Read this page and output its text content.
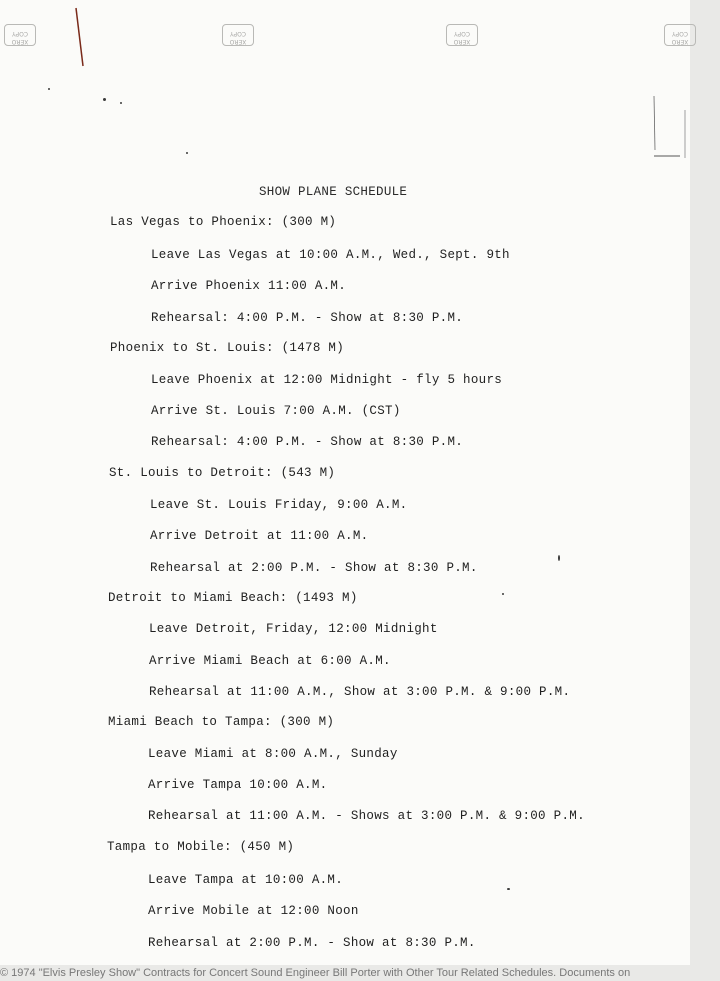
XERO COPY
XERO COPY
XERO COPY
XERO COPY
SHOW PLANE SCHEDULE
Las Vegas to Phoenix: (300 M)
Leave Las Vegas at 10:00 A.M., Wed., Sept. 9th
Arrive Phoenix 11:00 A.M.
Rehearsal: 4:00 P.M. - Show at 8:30 P.M.
Phoenix to St. Louis: (1478 M)
Leave Phoenix at 12:00 Midnight - fly 5 hours
Arrive St. Louis 7:00 A.M. (CST)
Rehearsal: 4:00 P.M. - Show at 8:30 P.M.
St. Louis to Detroit: (543 M)
Leave St. Louis Friday, 9:00 A.M.
Arrive Detroit at 11:00 A.M.
Rehearsal at 2:00 P.M. - Show at 8:30 P.M.
Detroit to Miami Beach: (1493 M)
Leave Detroit, Friday, 12:00 Midnight
Arrive Miami Beach at 6:00 A.M.
Rehearsal at 11:00 A.M., Show at 3:00 P.M. & 9:00 P.M.
Miami Beach to Tampa: (300 M)
Leave Miami at 8:00 A.M., Sunday
Arrive Tampa 10:00 A.M.
Rehearsal at 11:00 A.M. - Shows at 3:00 P.M. & 9:00 P.M.
Tampa to Mobile: (450 M)
Leave Tampa at 10:00 A.M.
Arrive Mobile at 12:00 Noon
Rehearsal at 2:00 P.M. - Show at 8:30 P.M.
© 1974 "Elvis Presley Show" Contracts for Concert Sound Engineer Bill Porter with Other Tour Related Schedules. Documents on
